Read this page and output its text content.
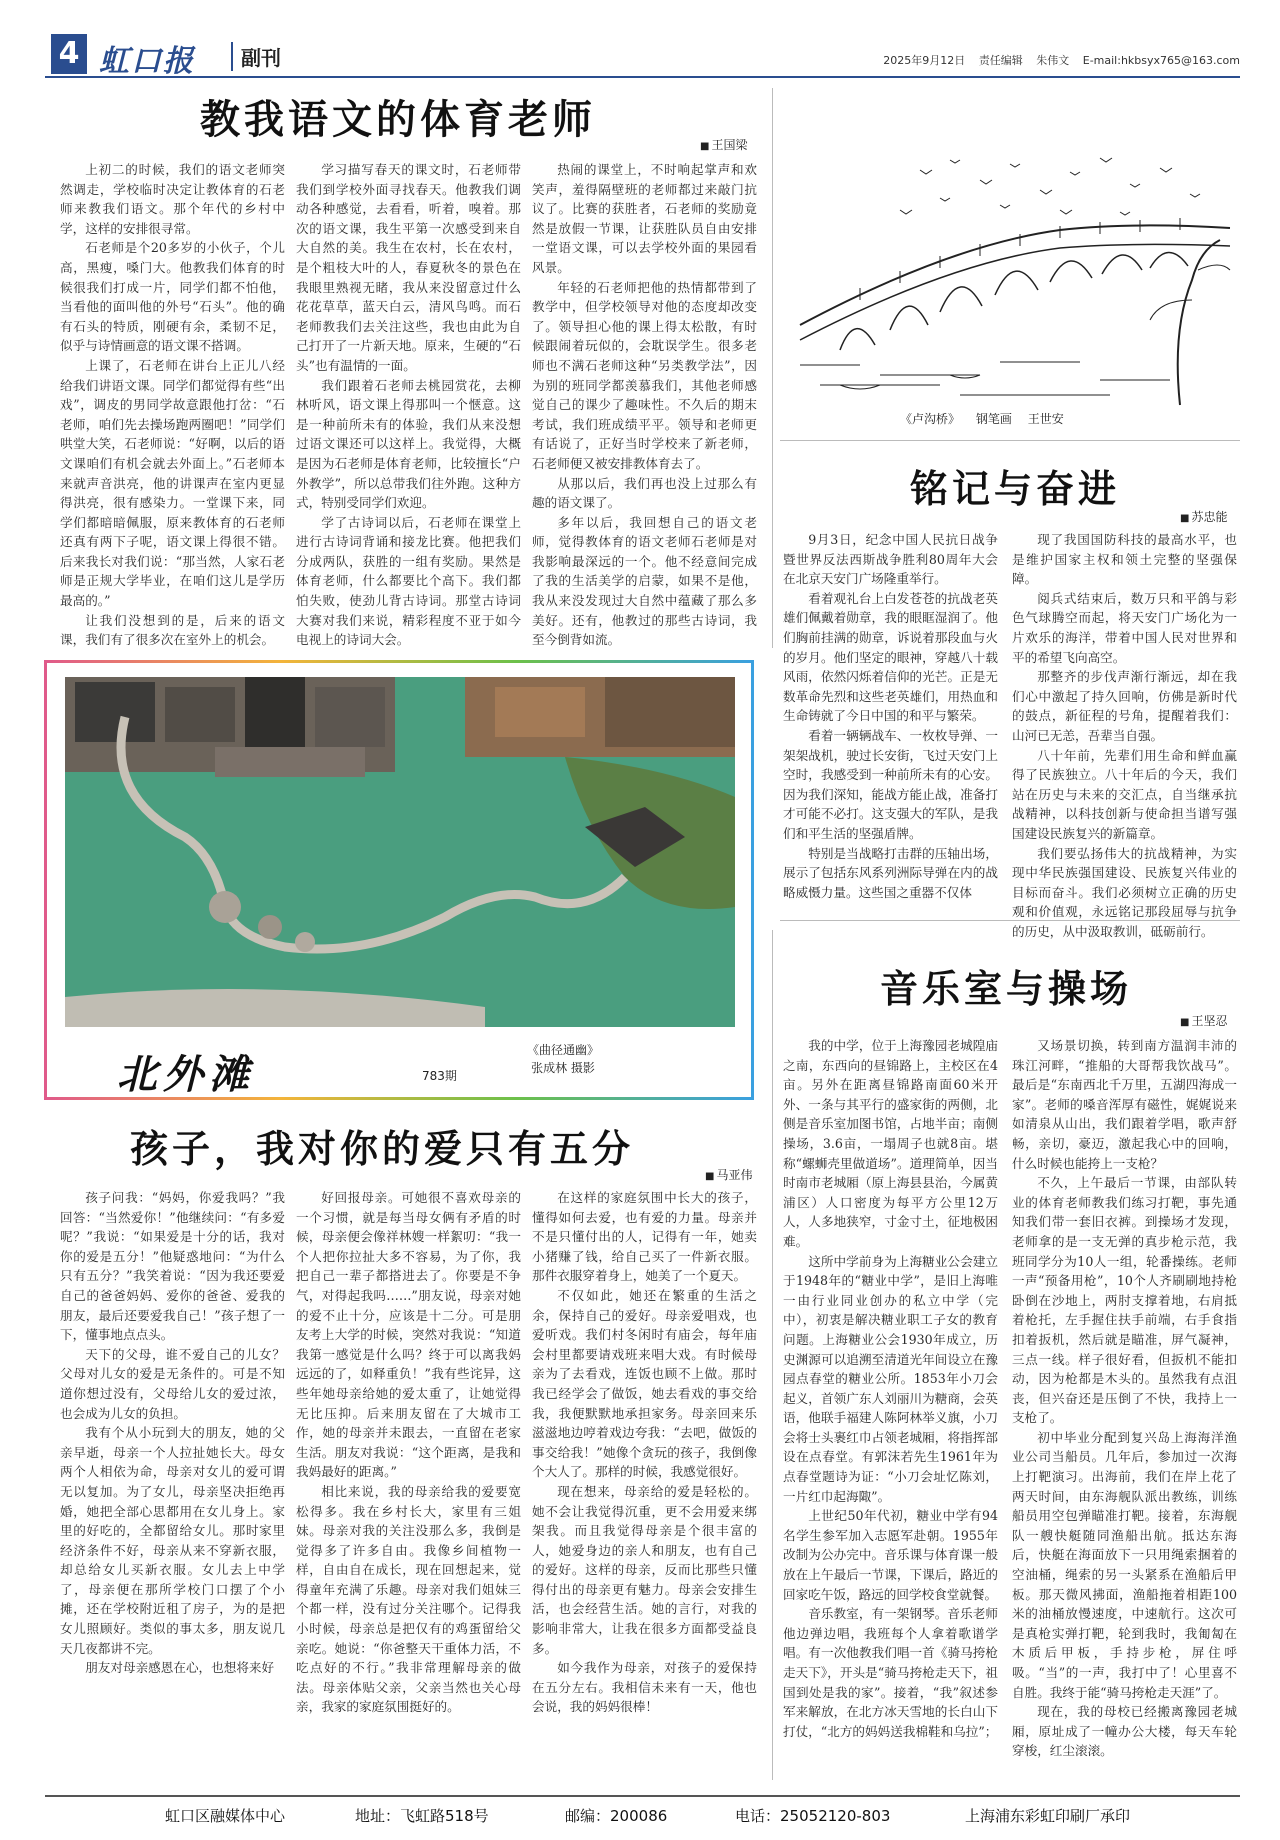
4 虹口报	副刊	2025年9月12日 责任编辑 朱伟文 E-mail:hkbsyx765@163.com
教我语文的体育老师
■ 王国梁

上初二的时候，我们的语文老师突然调走，学校临时决定让教体育的石老师来教我们语文。那个年代的乡村中学，这样的安排很寻常。

石老师是个20多岁的小伙子，个儿高，黑瘦，嗓门大。他教我们体育的时候很我们打成一片，同学们都不怕他，当看他的面叫他的外号“石头”。他的确有石头的特质，刚硬有余，柔韧不足，似乎与诗情画意的语文课不搭调。

上课了，石老师在讲台上正儿八经给我们讲语文课。同学们都觉得有些“出戏”，调皮的男同学故意跟他打岔：“石老师，咱们先去操场跑两圈吧！”同学们哄堂大笑，石老师说：“好啊，以后的语文课咱们有机会就去外面上。”石老师本来就声音洪亮，他的讲课声在室内更显得洪亮，很有感染力。一堂课下来，同学们都暗暗佩服，原来教体育的石老师还真有两下子呢，语文课上得很不错。后来我长对我们说：“那当然，人家石老师是正规大学毕业，在咱们这儿是学历最高的。”

让我们没想到的是，后来的语文课，我们有了很多次在室外上的机会。

学习描写春天的课文时，石老师带我们到学校外面寻找春天。他教我们调动各种感觉，去看看，听着，嗅着。那次的语文课，我生平第一次感受到来自大自然的美。我生在农村，长在农村，是个粗枝大叶的人，春夏秋冬的景色在我眼里熟视无睹，我从来没留意过什么花花草草，蓝天白云，清风鸟鸣。而石老师教我们去关注这些，我也由此为自己打开了一片新天地。原来，生硬的“石头”也有温情的一面。

我们跟着石老师去桃园赏花，去柳林听风，语文课上得那叫一个惬意。这是一种前所未有的体验，我们从来没想过语文课还可以这样上。我觉得，大概是因为石老师是体育老师，比较擅长“户外教学”，所以总带我们往外跑。这种方式，特别受同学们欢迎。

学了古诗词以后，石老师在课堂上进行古诗词背诵和接龙比赛。他把我们分成两队，获胜的一组有奖励。果然是体育老师，什么都要比个高下。我们都怕失败，使劲儿背古诗词。那堂古诗词大赛对我们来说，精彩程度不亚于如今电视上的诗词大会。

热闹的课堂上，不时响起掌声和欢笑声，羞得隔壁班的老师都过来敲门抗议了。比赛的获胜者，石老师的奖励竟然是放假一节课，让获胜队员自由安排一堂语文课，可以去学校外面的果园看风景。

年轻的石老师把他的热情都带到了教学中，但学校领导对他的态度却改变了。领导担心他的课上得太松散，有时候跟闹着玩似的，会耽误学生。很多老师也不满石老师这种“另类教学法”，因为别的班同学都羡慕我们，其他老师感觉自己的课少了趣味性。不久后的期末考试，我们班成绩平平。领导和老师更有话说了，正好当时学校来了新老师，石老师便又被安排教体育去了。

从那以后，我们再也没上过那么有趣的语文课了。

多年以后，我回想自己的语文老师，觉得教体育的语文老师石老师是对我影响最深远的一个。他不经意间完成了我的生活美学的启蒙，如果不是他，我从来没发现过大自然中蕴藏了那么多美好。还有，他教过的那些古诗词，我至今倒背如流。

《卢沟桥》 钢笔画 王世安
铭记与奋进
■ 苏忠能

9月3日，纪念中国人民抗日战争暨世界反法西斯战争胜利80周年大会在北京天安门广场隆重举行。

看着观礼台上白发苍苍的抗战老英雄们佩戴着勋章，我的眼眶湿润了。他们胸前挂满的勋章，诉说着那段血与火的岁月。他们坚定的眼神，穿越八十载风雨，依然闪烁着信仰的光芒。正是无数革命先烈和这些老英雄们，用热血和生命铸就了今日中国的和平与繁荣。

看着一辆辆战车、一枚枚导弹、一架架战机，驶过长安街，飞过天安门上空时，我感受到一种前所未有的心安。因为我们深知，能战方能止战，准备打才可能不必打。这支强大的军队，是我们和平生活的坚强盾牌。

特别是当战略打击群的压轴出场，展示了包括东风系列洲际导弹在内的战略威慑力量。这些国之重器不仅体

现了我国国防科技的最高水平，也是维护国家主权和领土完整的坚强保障。

阅兵式结束后，数万只和平鸽与彩色气球腾空而起，将天安门广场化为一片欢乐的海洋，带着中国人民对世界和平的希望飞向高空。

那整齐的步伐声渐行渐远，却在我们心中激起了持久回响，仿佛是新时代的鼓点，新征程的号角，提醒着我们：山河已无恙，吾辈当自强。

八十年前，先辈们用生命和鲜血赢得了民族独立。八十年后的今天，我们站在历史与未来的交汇点，自当继承抗战精神，以科技创新与使命担当谱写强国建设民族复兴的新篇章。

我们要弘扬伟大的抗战精神，为实现中华民族强国建设、民族复兴伟业的目标而奋斗。我们必须树立正确的历史观和价值观，永远铭记那段屈辱与抗争的历史，从中汲取教训，砥砺前行。

北外滩	783期
《曲径通幽》
张成林 摄影
孩子，我对你的爱只有五分
■ 马亚伟

孩子问我：“妈妈，你爱我吗？”我回答：“当然爱你！”他继续问：“有多爱呢？”我说：“如果爱是十分的话，我对你的爱是五分！”他疑惑地问：“为什么只有五分？”我笑着说：“因为我还要爱自己的爸爸妈妈、爱你的爸爸、爱我的朋友，最后还要爱我自己！”孩子想了一下，懂事地点点头。

天下的父母，谁不爱自己的儿女？父母对儿女的爱是无条件的。可是不知道你想过没有，父母给儿女的爱过浓，也会成为儿女的负担。

我有个从小玩到大的朋友，她的父亲早逝，母亲一个人拉扯她长大。母女两个人相依为命，母亲对女儿的爱可谓无以复加。为了女儿，母亲坚决拒绝再婚，她把全部心思都用在女儿身上。家里的好吃的，全都留给女儿。那时家里经济条件不好，母亲从来不穿新衣服，却总给女儿买新衣服。女儿去上中学了，母亲便在那所学校门口摆了个小摊，还在学校附近租了房子，为的是把女儿照顾好。类似的事太多，朋友说几天几夜都讲不完。

朋友对母亲感恩在心，也想将来好

好回报母亲。可她很不喜欢母亲的一个习惯，就是每当母女俩有矛盾的时候，母亲便会像祥林嫂一样絮叨：“我一个人把你拉扯大多不容易，为了你，我把自己一辈子都搭进去了。你要是不争气，对得起我吗……”朋友说，母亲对她的爱不止十分，应该是十二分。可是朋友考上大学的时候，突然对我说：“知道我第一感觉是什么吗？终于可以离我妈远远的了，如释重负！”我有些诧异，这些年她母亲给她的爱太重了，让她觉得无比压抑。后来朋友留在了大城市工作，她的母亲并未跟去，一直留在老家生活。朋友对我说：“这个距离，是我和我妈最好的距离。”

相比来说，我的母亲给我的爱要宽松得多。我在乡村长大，家里有三姐妹。母亲对我的关注没那么多，我倒是觉得多了许多自由。我像乡间植物一样，自由自在成长，现在回想起来，觉得童年充满了乐趣。母亲对我们姐妹三个都一样，没有过分关注哪个。记得我小时候，母亲总是把仅有的鸡蛋留给父亲吃。她说：“你爸整天干重体力活，不吃点好的不行。”我非常理解母亲的做法。母亲体贴父亲，父亲当然也关心母亲，我家的家庭氛围挺好的。

在这样的家庭氛围中长大的孩子，懂得如何去爱，也有爱的力量。母亲并不是只懂付出的人，记得有一年，她卖小猪赚了钱，给自己买了一件新衣服。那件衣服穿着身上，她美了一个夏天。

不仅如此，她还在繁重的生活之余，保持自己的爱好。母亲爱唱戏，也爱听戏。我们村冬闲时有庙会，每年庙会村里都要请戏班来唱大戏。有时候母亲为了去看戏，连饭也顾不上做。那时我已经学会了做饭，她去看戏的事交给我，我便默默地承担家务。母亲回来乐滋滋地边哼着戏边夸我：“去吧，做饭的事交给我！”她像个贪玩的孩子，我倒像个大人了。那样的时候，我感觉很好。

现在想来，母亲给的爱是轻松的。她不会让我觉得沉重，更不会用爱来绑架我。而且我觉得母亲是个很丰富的人，她爱身边的亲人和朋友，也有自己的爱好。这样的母亲，反而比那些只懂得付出的母亲更有魅力。母亲会安排生活，也会经营生活。她的言行，对我的影响非常大，让我在很多方面都受益良多。

如今我作为母亲，对孩子的爱保持在五分左右。我相信未来有一天，他也会说，我的妈妈很棒！

音乐室与操场
■ 王坚忍

我的中学，位于上海豫园老城隍庙之南，东西向的昼锦路上，主校区在4亩。另外在距离昼锦路南面60米开外、一条与其平行的盛家街的两侧，北侧是音乐室加图书馆，占地半亩；南侧操场，3.6亩，一塌周子也就8亩。堪称“螺蛳壳里做道场”。道理简单，因当时南市老城厢（原上海县县治，今属黄浦区）人口密度为每平方公里12万人，人多地狭窄，寸金寸土，征地极困难。

这所中学前身为上海糖业公会建立于1948年的“糖业中学”，是旧上海唯一由行业同业创办的私立中学（完中），初衷是解决糖业职工子女的教育问题。上海糖业公会1930年成立，历史渊源可以追溯至清道光年间设立在豫园点春堂的糖业公所。1853年小刀会起义，首领广东人刘丽川为糖商，会英语，他联手福建人陈阿林举义旗，小刀会将士头裹红巾占领老城厢，将指挥部设在点春堂。有郭沫若先生1961年为点春堂题诗为证：“小刀会址忆陈刘，一片红巾起海陬”。

上世纪50年代初，糖业中学有94名学生参军加入志愿军赴朝。1955年改制为公办完中。音乐课与体育课一般放在上午最后一节课，下课后，路近的回家吃午饭，路远的回学校食堂就餐。

音乐教室，有一架钢琴。音乐老师他边弹边唱，我班每个人拿着歌谱学唱。有一次他教我们唱一首《骑马挎枪走天下》，开头是“骑马挎枪走天下，祖国到处是我的家”。接着，“我”叙述参军来解放，在北方冰天雪地的长白山下打仗，“北方的妈妈送我棉鞋和乌拉”；

又场景切换，转到南方温润丰沛的珠江河畔，“推船的大哥帮我饮战马”。最后是“东南西北千万里，五湖四海成一家”。老师的嗓音浑厚有磁性，娓娓说来如清泉从山出，我们跟着学唱，歌声舒畅，亲切，豪迈，激起我心中的回响，什么时候也能挎上一支枪？

不久，上午最后一节课，由部队转业的体育老师教我们练习打靶，事先通知我们带一套旧衣裤。到操场才发现，老师拿的是一支无弹的真步枪示范，我班同学分为10人一组，轮番操练。老师一声“预备用枪”，10个人齐刷刷地持枪卧倒在沙地上，两肘支撑着地，右肩抵着枪托，左手握住扶手前端，右手食指扣着扳机，然后就是瞄准，屏气凝神，三点一线。样子很好看，但扳机不能扣动，因为枪都是木头的。虽然我有点沮丧，但兴奋还是压倒了不快，我持上一支枪了。

初中毕业分配到复兴岛上海海洋渔业公司当船员。几年后，参加过一次海上打靶演习。出海前，我们在岸上花了两天时间，由东海舰队派出教练，训练船员用空包弹瞄准打靶。接着，东海舰队一艘快艇随同渔船出航。抵达东海后，快艇在海面放下一只用绳索捆着的空油桶，绳索的另一头紧系在渔船后甲板。那天微风拂面，渔船拖着相距100米的油桶放慢速度，中速航行。这次可是真枪实弹打靶，轮到我时，我匍匐在木质后甲板，手持步枪，屏住呼吸。“当”的一声，我打中了！心里喜不自胜。我终于能“骑马挎枪走天涯”了。

现在，我的母校已经搬离豫园老城厢，原址成了一幢办公大楼，每天车轮穿梭，红尘滚滚。

虹口区融媒体中心	地址：飞虹路518号	邮编：200086	电话：25052120-803	上海浦东彩虹印刷厂承印
